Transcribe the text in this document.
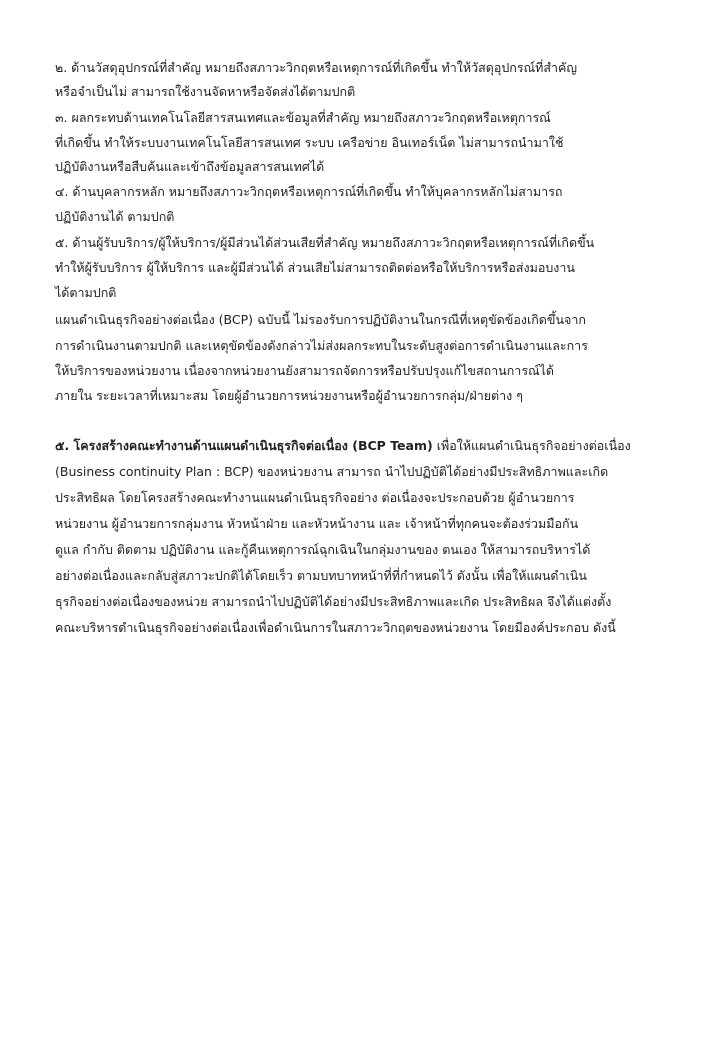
๒. ด้านวัสดุอุปกรณ์ที่สำคัญ หมายถึงสภาวะวิกฤตหรือเหตุการณ์ที่เกิดขึ้น ทำให้วัสดุอุปกรณ์ที่สำคัญ
หรือจำเป็นไม่ สามารถใช้งานจัดหาหรือจัดส่งได้ตามปกติ
๓. ผลกระทบด้านเทคโนโลยีสารสนเทศและข้อมูลที่สำคัญ หมายถึงสภาวะวิกฤตหรือเหตุการณ์
ที่เกิดขึ้น ทำให้ระบบงานเทคโนโลยีสารสนเทศ ระบบ เครือข่าย อินเทอร์เน็ต ไม่สามารถนำมาใช้
ปฏิบัติงานหรือสืบค้นและเข้าถึงข้อมูลสารสนเทศได้
๔. ด้านบุคลากรหลัก หมายถึงสภาวะวิกฤตหรือเหตุการณ์ที่เกิดขึ้น ทำให้บุคลากรหลักไม่สามารถ
ปฏิบัติงานได้ ตามปกติ
๕. ด้านผู้รับบริการ/ผู้ให้บริการ/ผู้มีส่วนได้ส่วนเสียที่สำคัญ หมายถึงสภาวะวิกฤตหรือเหตุการณ์ที่เกิดขึ้น
ทำให้ผู้รับบริการ ผู้ให้บริการ และผู้มีส่วนได้ ส่วนเสียไม่สามารถติดต่อหรือให้บริการหรือส่งมอบงาน
ได้ตามปกติ
แผนดำเนินธุรกิจอย่างต่อเนื่อง (BCP) ฉบับนี้ ไม่รองรับการปฏิบัติงานในกรณีที่เหตุขัดข้องเกิดขึ้นจาก
การดำเนินงานตามปกติ และเหตุขัดข้องดังกล่าวไม่ส่งผลกระทบในระดับสูงต่อการดำเนินงานและการ
ให้บริการของหน่วยงาน เนื่องจากหน่วยงานยังสามารถจัดการหรือปรับปรุงแก้ไขสถานการณ์ได้
ภายใน ระยะเวลาที่เหมาะสม โดยผู้อำนวยการหน่วยงานหรือผู้อำนวยการกลุ่ม/ฝ่ายต่าง ๆ
๕. โครงสร้างคณะทำงานด้านแผนดำเนินธุรกิจต่อเนื่อง (BCP Team) เพื่อให้แผนดำเนินธุรกิจอย่างต่อเนื่อง
(Business continuity Plan : BCP) ของหน่วยงาน สามารถ นำไปปฏิบัติได้อย่างมีประสิทธิภาพและเกิด
ประสิทธิผล โดยโครงสร้างคณะทำงานแผนดำเนินธุรกิจอย่าง ต่อเนื่องจะประกอบด้วย ผู้อำนวยการ
หน่วยงาน ผู้อำนวยการกลุ่มงาน หัวหน้าฝ่าย และหัวหน้างาน และ เจ้าหน้าที่ทุกคนจะต้องร่วมมือกัน
ดูแล กำกับ ติดตาม ปฏิบัติงาน และกู้คืนเหตุการณ์ฉุกเฉินในกลุ่มงานของ ตนเอง ให้สามารถบริหารได้
อย่างต่อเนื่องและกลับสู่สภาวะปกติได้โดยเร็ว ตามบทบาทหน้าที่ที่กำหนดไว้ ดังนั้น เพื่อให้แผนดำเนิน
ธุรกิจอย่างต่อเนื่องของหน่วย สามารถนำไปปฏิบัติได้อย่างมีประสิทธิภาพและเกิด ประสิทธิผล จึงได้แต่งตั้ง
คณะบริหารดำเนินธุรกิจอย่างต่อเนื่องเพื่อดำเนินการในสภาวะวิกฤตของหน่วยงาน โดยมีองค์ประกอบ ดังนี้
